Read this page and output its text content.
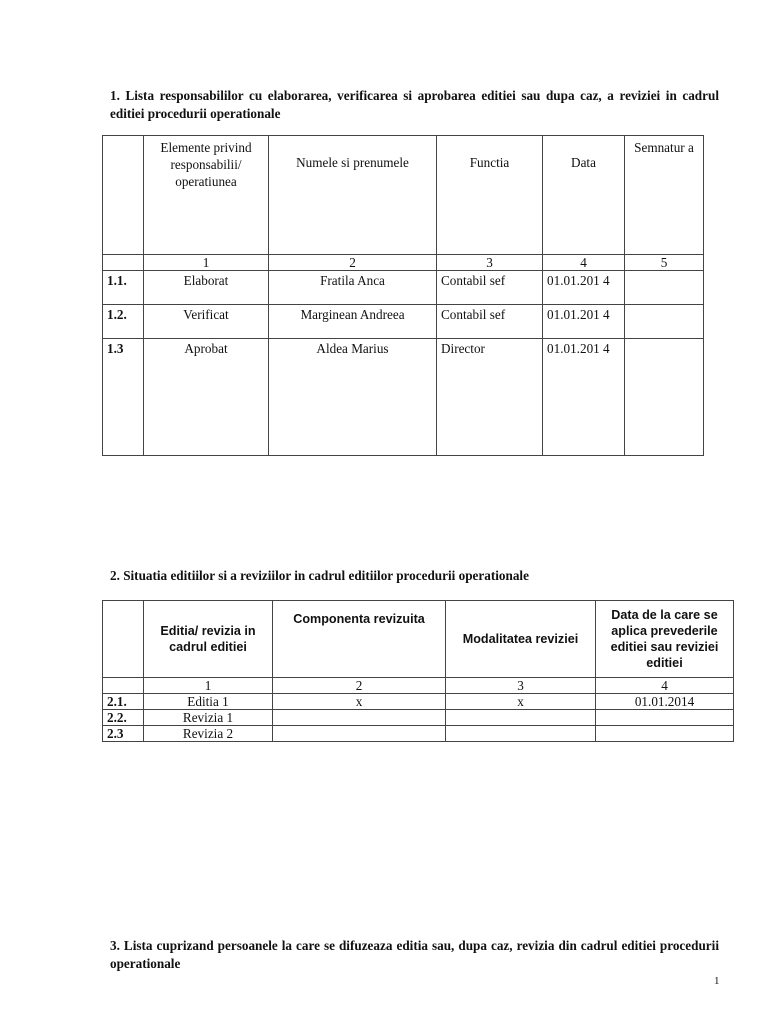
1. Lista responsabililor cu elaborarea, verificarea si aprobarea editiei sau dupa caz, a reviziei in cadrul editiei procedurii operationale
	Elemente privind responsabilii/ operatiunea	Numele si prenumele	Functia	Data	Semnatur a
	1	2	3	4	5
1.1.	Elaborat	Fratila Anca	Contabil sef	01.01.201 4	
1.2.	Verificat	Marginean Andreea	Contabil sef	01.01.201 4	
1.3	Aprobat	Aldea Marius	Director	01.01.201 4	
2. Situatia editiilor si a reviziilor in cadrul editiilor procedurii operationale
	Editia/ revizia in cadrul editiei	Componenta revizuita	Modalitatea reviziei	Data de la care se aplica prevederile editiei sau reviziei editiei
	1	2	3	4
2.1.	Editia 1	x	x	01.01.2014
2.2.	Revizia 1			
2.3	Revizia 2			
3. Lista cuprizand persoanele la care se difuzeaza editia sau, dupa caz, revizia din cadrul editiei procedurii operationale
1
